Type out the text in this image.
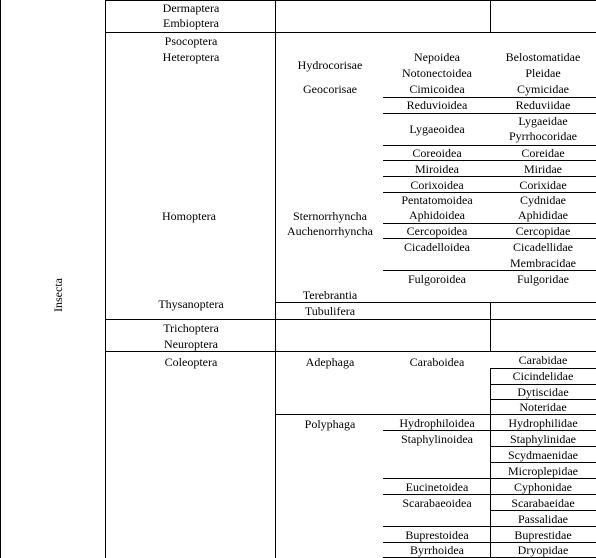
Insecta
Dermaptera
Embioptera
Psocoptera
Heteroptera
Homoptera
Thysanoptera
Trichoptera
Neuroptera
Coleoptera
Hydrocorisae
Geocorisae
Sternorrhyncha
Auchenorrhyncha
Terebrantia
Tubulifera
Adephaga
Polyphaga
Nepoidea
Notonectoidea
Cimicoidea
Reduvioidea
Lygaeoidea
Coreoidea
Miroidea
Corixoidea
Pentatomoidea
Aphidoidea
Cercopoidea
Cicadelloidea
Fulgoroidea
Caraboidea
Hydrophiloidea
Staphylinoidea
Eucinetoidea
Scarabaeoidea
Buprestoidea
Byrrhoidea
Belostomatidae
Pleidae
Cymicidae
Reduviidae
Lygaeidae
Pyrrhocoridae
Coreidae
Miridae
Corixidae
Cydnidae
Aphididae
Cercopidae
Cicadellidae
Membracidae
Fulgoridae
Carabidae
Cicindelidae
Dytiscidae
Noteridae
Hydrophilidae
Staphylinidae
Scydmaenidae
Microplepidae
Cyphonidae
Scarabaeidae
Passalidae
Buprestidae
Dryopidae
